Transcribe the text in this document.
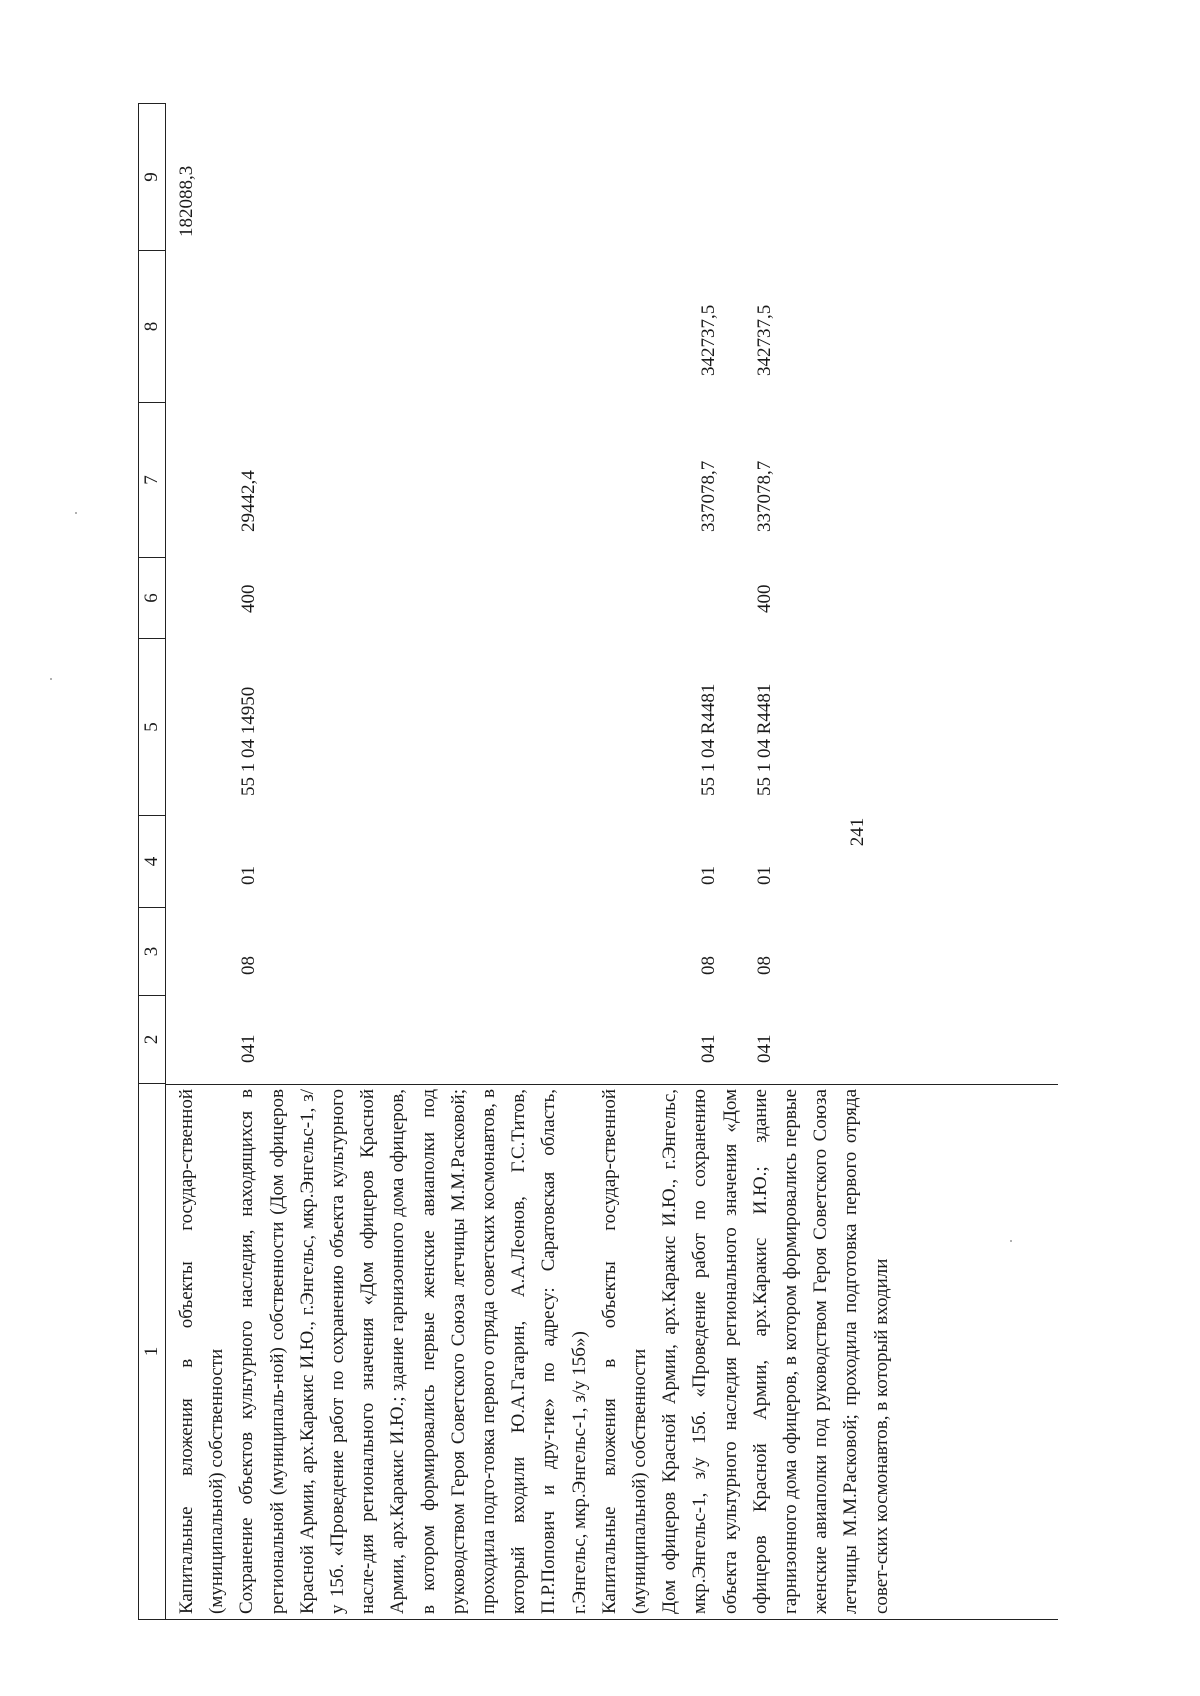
241
1
2
3
4
5
6
7
8
9

Капитальные вложения в объекты государ-ственной (муниципальной) собственности Сохранение объектов культурного наследия, находящихся в региональной (муниципаль-ной) собственности (Дом офицеров Красной Армии, арх.Каракис И.Ю., г.Энгельс, мкр.Энгельс-1, з/у 15б. «Проведение работ по сохранению объекта культурного насле-дия регионального значения «Дом офицеров Красной Армии, арх.Каракис И.Ю.; здание гарнизонного дома офицеров, в котором формировались первые женские авиаполки под руководством Героя Советского Союза летчицы М.М.Расковой; проходила подго-товка первого отряда советских космонавтов, в который входили Ю.А.Гагарин, А.А.Леонов, Г.С.Титов, П.Р.Попович и дру-гие» по адресу: Саратовская область, г.Энгельс, мкр.Энгельс-1, з/у 15б») Капитальные вложения в объекты государ-ственной (муниципальной) собственности Дом офицеров Красной Армии, арх.Каракис И.Ю., г.Энгельс, мкр.Энгельс-1, з/у 15б. «Проведение работ по сохранению объекта культурного наследия регионального значения «Дом офицеров Красной Армии, арх.Каракис И.Ю.; здание гарнизонного дома офицеров, в котором формировались первые женские авиаполки под руководством Героя Советского Союза летчицы М.М.Расковой; проходила подготовка первого отряда совет-ских космонавтов, в который входили

182088,3
041
08
01
55 1 04 14950
400
29442,4
041
08
01
55 1 04 R4481
337078,7
342737,5
041
08
01
55 1 04 R4481
400
337078,7
342737,5
